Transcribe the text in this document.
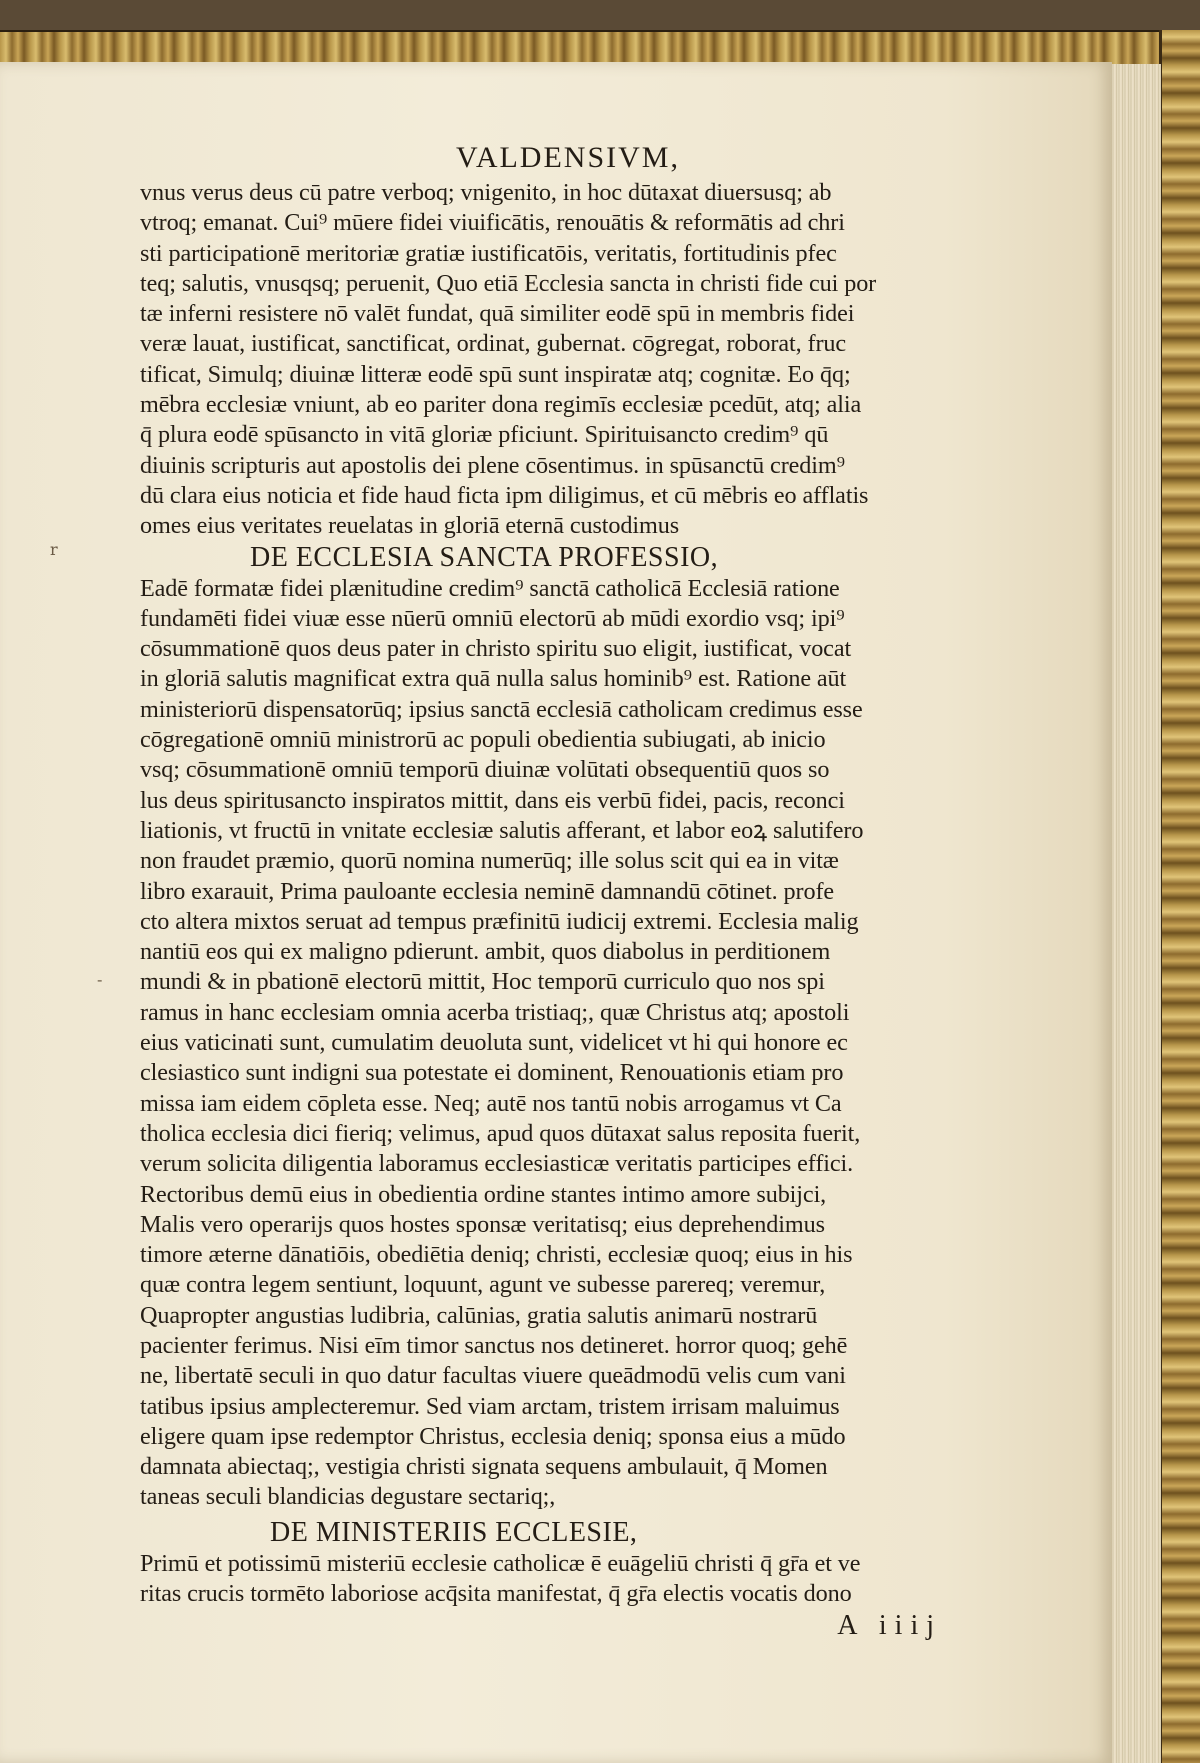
r
-
VALDENSIVM,
vnus verus deus cū patre verboq; vnigenito, in hoc dūtaxat diuersusq; ab
vtroq; emanat. Cui⁹ mūere fidei viuificātis, renouātis & reformātis ad chri
sti participationē meritoriæ gratiæ iustificatōis, veritatis, fortitudinis pfec
teq; salutis, vnusqsq; peruenit, Quo etiā Ecclesia sancta in christi fide cui por
tæ inferni resistere nō valēt fundat, quā similiter eodē spū in membris fidei
veræ lauat, iustificat, sanctificat, ordinat, gubernat. cōgregat, roborat, fruc
tificat, Simulq; diuinæ litteræ eodē spū sunt inspiratæ atq; cognitæ. Eo q̄q;
mēbra ecclesiæ vniunt, ab eo pariter dona regimīs ecclesiæ pcedūt, atq; alia
q̄ plura eodē spūsancto in vitā gloriæ pficiunt. Spirituisancto credim⁹ qū
diuinis scripturis aut apostolis dei plene cōsentimus. in spūsanctū credim⁹
dū clara eius noticia et fide haud ficta ipm diligimus, et cū mēbris eo afflatis
omes eius veritates reuelatas in gloriā eternā custodimus
DE ECCLESIA SANCTA PROFESSIO,
Eadē formatæ fidei plænitudine credim⁹ sanctā catholicā Ecclesiā ratione
fundamēti fidei viuæ esse nūerū omniū electorū ab mūdi exordio vsq; ipi⁹
cōsummationē quos deus pater in christo spiritu suo eligit, iustificat, vocat
in gloriā salutis magnificat extra quā nulla salus hominib⁹ est. Ratione aūt
ministeriorū dispensatorūq; ipsius sanctā ecclesiā catholicam credimus esse
cōgregationē omniū ministrorū ac populi obedientia subiugati, ab inicio
vsq; cōsummationē omniū temporū diuinæ volūtati obsequentiū quos so
lus deus spiritusancto inspiratos mittit, dans eis verbū fidei, pacis, reconci
liationis, vt fructū in vnitate ecclesiæ salutis afferant, et labor eoꝝ salutifero
non fraudet præmio, quorū nomina numerūq; ille solus scit qui ea in vitæ
libro exarauit, Prima pauloante ecclesia neminē damnandū cōtinet. profe
cto altera mixtos seruat ad tempus præfinitū iudicij extremi. Ecclesia malig
nantiū eos qui ex maligno pdierunt. ambit, quos diabolus in perditionem
mundi & in pbationē electorū mittit, Hoc temporū curriculo quo nos spi
ramus in hanc ecclesiam omnia acerba tristiaq;, quæ Christus atq; apostoli
eius vaticinati sunt, cumulatim deuoluta sunt, videlicet vt hi qui honore ec
clesiastico sunt indigni sua potestate ei dominent, Renouationis etiam pro
missa iam eidem cōpleta esse. Neq; autē nos tantū nobis arrogamus vt Ca
tholica ecclesia dici fieriq; velimus, apud quos dūtaxat salus reposita fuerit,
verum solicita diligentia laboramus ecclesiasticæ veritatis participes effici.
Rectoribus demū eius in obedientia ordine stantes intimo amore subijci,
Malis vero operarijs quos hostes sponsæ veritatisq; eius deprehendimus
timore æterne dānatiōis, obediētia deniq; christi, ecclesiæ quoq; eius in his
quæ contra legem sentiunt, loquunt, agunt ve subesse parereq; veremur,
Quapropter angustias ludibria, calūnias, gratia salutis animarū nostrarū
pacienter ferimus. Nisi eīm timor sanctus nos detineret. horror quoq; gehē
ne, libertatē seculi in quo datur facultas viuere queādmodū velis cum vani
tatibus ipsius amplecteremur. Sed viam arctam, tristem irrisam maluimus
eligere quam ipse redemptor Christus, ecclesia deniq; sponsa eius a mūdo
damnata abiectaq;, vestigia christi signata sequens ambulauit, q̄ Momen
taneas seculi blandicias degustare sectariq;,
DE MINISTERIIS ECCLESIE,
Primū et potissimū misteriū ecclesie catholicæ ē euāgeliū christi q̄ gr̄a et ve
ritas crucis tormēto laboriose acq̄sita manifestat, q̄ gr̄a electis vocatis dono
A iiij
